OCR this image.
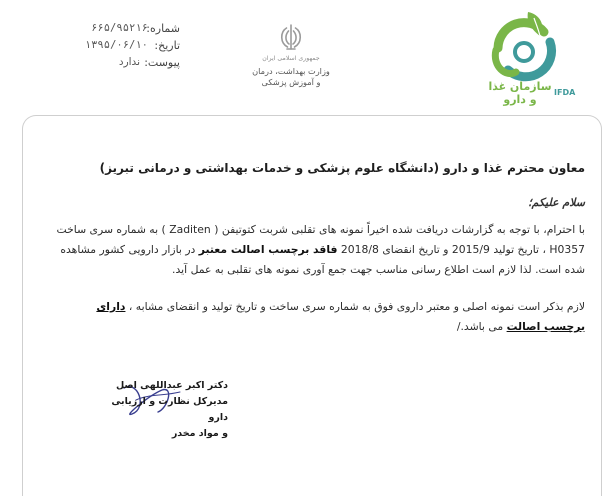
شماره:
۶۶۵/۹۵۲۱۶
تاریخ:
۱۳۹۵/۰۶/۱۰
پیوست:
ندارد	جمهوری اسلامی ایران
وزارت بهداشت، درمان
و آموزش پزشکی	سازمان غذا و دارو
IFDA
معاون محترم غذا و دارو (دانشگاه علوم پزشکی و خدمات بهداشتی و درمانی تبریز)
سلام علیکم؛
با احترام، با توجه به گزارشات دریافت شده اخیراً نمونه های تقلبی شربت کتوتیفن ( Zaditen ) به شماره سری ساخت H0357 ، تاریخ تولید 2015/9 و تاریخ انقضای 2018/8 فاقد برچسب اصالت معتبر در بازار دارویی کشور مشاهده شده است. لذا لازم است اطلاع رسانی مناسب جهت جمع آوری نمونه های تقلبی به عمل آید.
لازم بذکر است نمونه اصلی و معتبر داروی فوق به شماره سری ساخت و تاریخ تولید و انقضای مشابه ، دارای برچسب اصالت می باشد./
دکتر اکبر عبداللهی اصل
مدیرکل نظارت و ارزیابی دارو
و مواد مخدر
